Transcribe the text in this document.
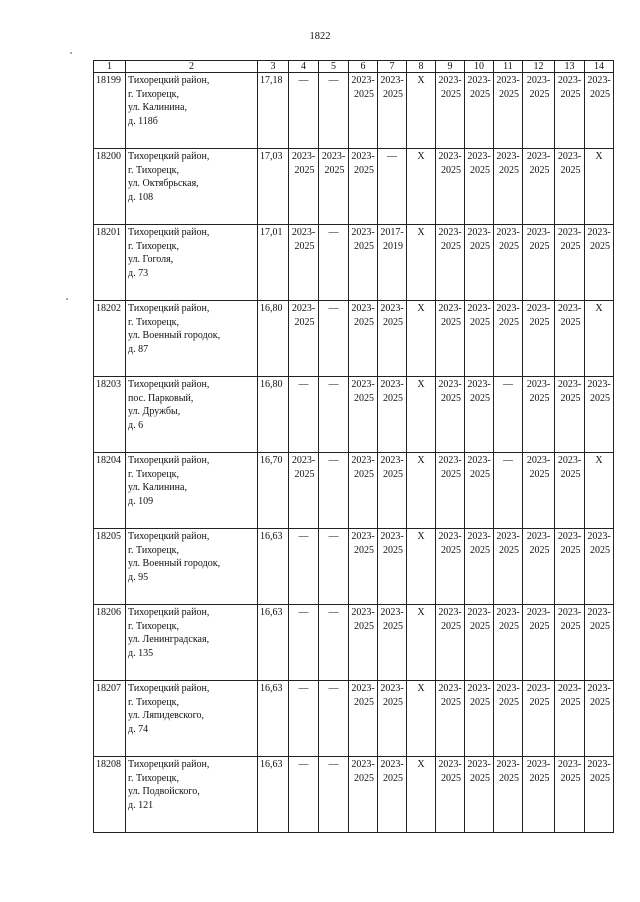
1822
1	2	3	4	5	6	7	8	9	10	11	12	13	14
18199	Тихорецкий район,
г. Тихорецк,
ул. Калинина,
д. 118б	17,18	—	—	2023-
2025	2023-
2025	X	2023-
2025	2023-
2025	2023-
2025	2023-
2025	2023-
2025	2023-
2025

18200	Тихорецкий район,
г. Тихорецк,
ул. Октябрьская,
д. 108	17,03	2023-
2025	2023-
2025	2023-
2025	—	X	2023-
2025	2023-
2025	2023-
2025	2023-
2025	2023-
2025	X
18201	Тихорецкий район,
г. Тихорецк,
ул. Гоголя,
д. 73	17,01	2023-
2025	—	2023-
2025	2017-
2019	X	2023-
2025	2023-
2025	2023-
2025	2023-
2025	2023-
2025	2023-
2025

18202	Тихорецкий район,
г. Тихорецк,
ул. Военный городок,
д. 87	16,80	2023-
2025	—	2023-
2025	2023-
2025	X	2023-
2025	2023-
2025	2023-
2025	2023-
2025	2023-
2025	X
18203	Тихорецкий район,
пос. Парковый,
ул. Дружбы,
д. 6	16,80	—	—	2023-
2025	2023-
2025	X	2023-
2025	2023-
2025	—	2023-
2025	2023-
2025	2023-
2025

18204	Тихорецкий район,
г. Тихорецк,
ул. Калинина,
д. 109	16,70	2023-
2025	—	2023-
2025	2023-
2025	X	2023-
2025	2023-
2025	—	2023-
2025	2023-
2025	X
18205	Тихорецкий район,
г. Тихорецк,
ул. Военный городок,
д. 95	16,63	—	—	2023-
2025	2023-
2025	X	2023-
2025	2023-
2025	2023-
2025	2023-
2025	2023-
2025	2023-
2025

18206	Тихорецкий район,
г. Тихорецк,
ул. Ленинградская,
д. 135	16,63	—	—	2023-
2025	2023-
2025	X	2023-
2025	2023-
2025	2023-
2025	2023-
2025	2023-
2025	2023-
2025

18207	Тихорецкий район,
г. Тихорецк,
ул. Ляпидевского,
д. 74	16,63	—	—	2023-
2025	2023-
2025	X	2023-
2025	2023-
2025	2023-
2025	2023-
2025	2023-
2025	2023-
2025

18208	Тихорецкий район,
г. Тихорецк,
ул. Подвойского,
д. 121	16,63	—	—	2023-
2025	2023-
2025	X	2023-
2025	2023-
2025	2023-
2025	2023-
2025	2023-
2025	2023-
2025
